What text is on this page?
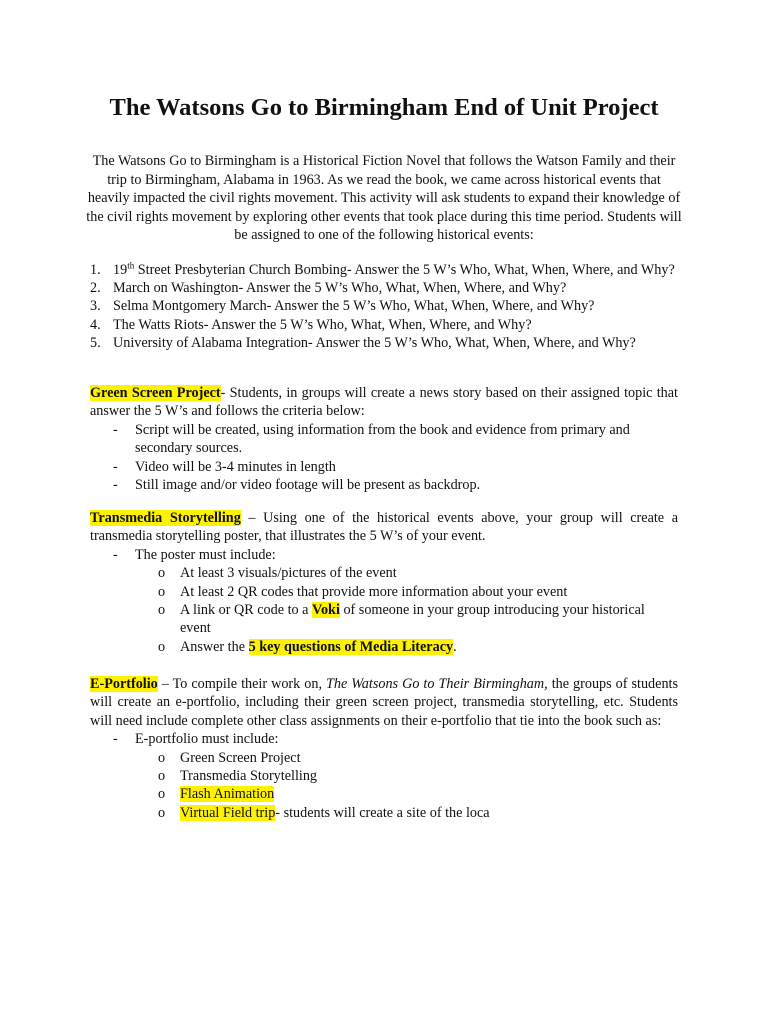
The Watsons Go to Birmingham End of Unit Project

The Watsons Go to Birmingham is a Historical Fiction Novel that follows the Watson Family and their trip to Birmingham, Alabama in 1963. As we read the book, we came across historical events that heavily impacted the civil rights movement. This activity will ask students to expand their knowledge of the civil rights movement by exploring other events that took place during this time period. Students will be assigned to one of the following historical events:

1. 19th Street Presbyterian Church Bombing- Answer the 5 W’s Who, What, When, Where, and Why?
2. March on Washington- Answer the 5 W’s Who, What, When, Where, and Why?
3. Selma Montgomery March- Answer the 5 W’s Who, What, When, Where, and Why?
4. The Watts Riots- Answer the 5 W’s Who, What, When, Where, and Why?
5. University of Alabama Integration- Answer the 5 W’s Who, What, When, Where, and Why?
Green Screen Project- Students, in groups will create a news story based on their assigned topic that answer the 5 W’s and follows the criteria below:
- Script will be created, using information from the book and evidence from primary and secondary sources.
- Video will be 3-4 minutes in length
- Still image and/or video footage will be present as backdrop.
Transmedia Storytelling – Using one of the historical events above, your group will create a transmedia storytelling poster, that illustrates the 5 W’s of your event.
- The poster must include:
o At least 3 visuals/pictures of the event
o At least 2 QR codes that provide more information about your event
o A link or QR code to a Voki of someone in your group introducing your historical event
o Answer the 5 key questions of Media Literacy.
E-Portfolio – To compile their work on, The Watsons Go to Their Birmingham, the groups of students will create an e-portfolio, including their green screen project, transmedia storytelling, etc. Students will need include complete other class assignments on their e-portfolio that tie into the book such as:
- E-portfolio must include:
o Green Screen Project
o Transmedia Storytelling
o Flash Animation
o Virtual Field trip- students will create a site of the loca
